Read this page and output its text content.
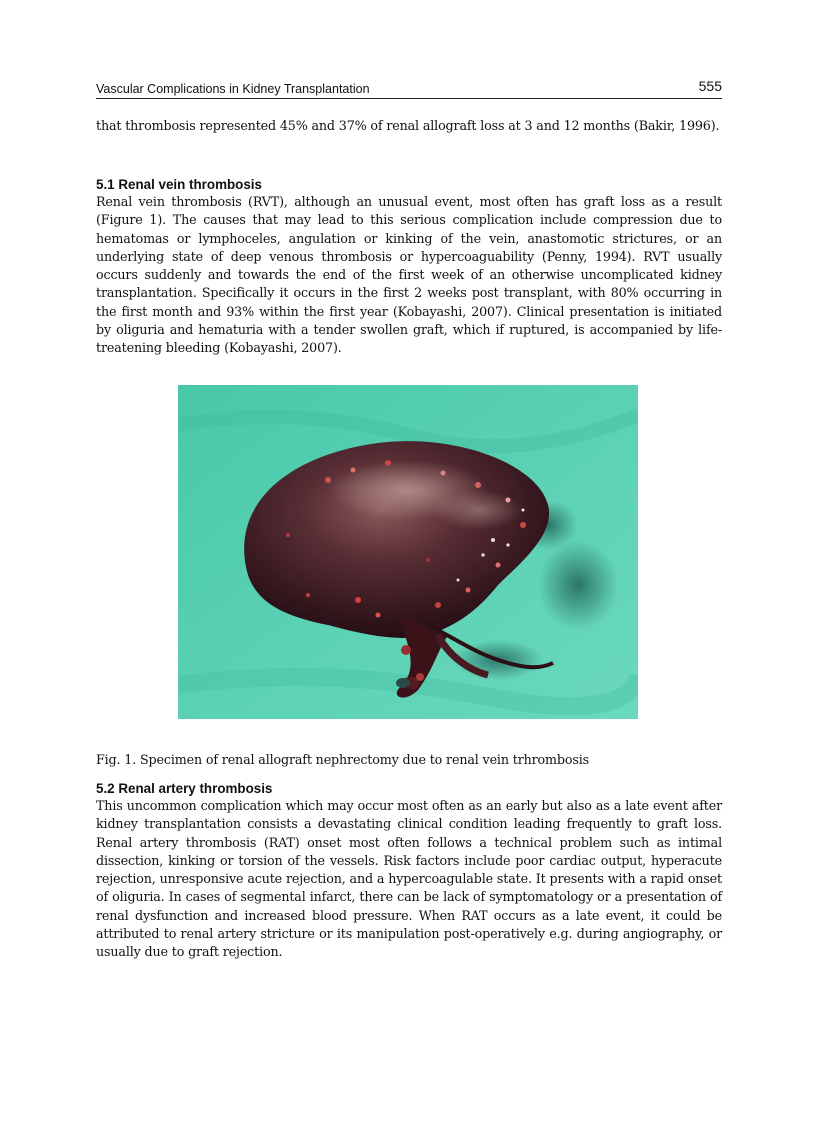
Vascular Complications in Kidney Transplantation	555

that thrombosis represented 45% and 37% of renal allograft loss at 3 and 12 months (Bakir, 1996).

5.1 Renal vein thrombosis

Renal vein thrombosis (RVT), although an unusual event, most often has graft loss as a result (Figure 1). The causes that may lead to this serious complication include compression due to hematomas or lymphoceles, angulation or kinking of the vein, anastomotic strictures, or an underlying state of deep venous thrombosis or hypercoaguability (Penny, 1994). RVT usually occurs suddenly and towards the end of the first week of an otherwise uncomplicated kidney transplantation. Specifically it occurs in the first 2 weeks post transplant, with 80% occurring in the first month and 93% within the first year (Kobayashi, 2007). Clinical presentation is initiated by oliguria and hematuria with a tender swollen graft, which if ruptured, is accompanied by life-treatening bleeding (Kobayashi, 2007).

Fig. 1. Specimen of renal allograft nephrectomy due to renal vein trhrombosis

5.2 Renal artery thrombosis

This uncommon complication which may occur most often as an early but also as a late event after kidney transplantation consists a devastating clinical condition leading frequently to graft loss. Renal artery thrombosis (RAT) onset most often follows a technical problem such as intimal dissection, kinking or torsion of the vessels. Risk factors include poor cardiac output, hyperacute rejection, unresponsive acute rejection, and a hypercoagulable state. It presents with a rapid onset of oliguria. In cases of segmental infarct, there can be lack of symptomatology or a presentation of renal dysfunction and increased blood pressure. When RAT occurs as a late event, it could be attributed to renal artery stricture or its manipulation post-operatively e.g. during angiography, or usually due to graft rejection.
